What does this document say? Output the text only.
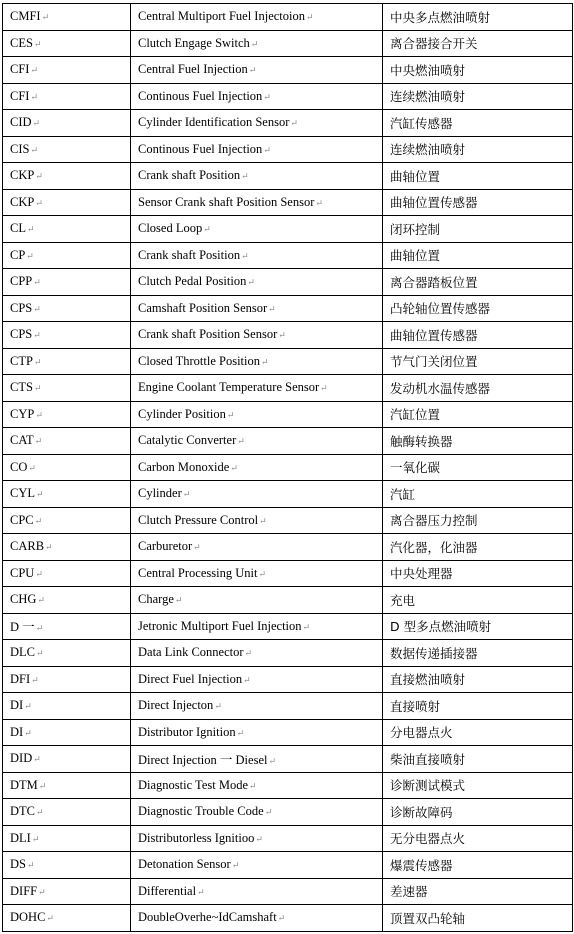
CMFI↵	Central Multiport Fuel Injectoion↵	中央多点燃油喷射
CES↵	Clutch Engage Switch↵	离合器接合开关
CFI↵	Central Fuel Injection↵	中央燃油喷射
CFI↵	Continous Fuel Injection↵	连续燃油喷射
CID↵	Cylinder Identification Sensor↵	汽缸传感器
CIS↵	Continous Fuel Injection↵	连续燃油喷射
CKP↵	Crank shaft Position↵	曲轴位置
CKP↵	Sensor Crank shaft Position Sensor↵	曲轴位置传感器
CL↵	Closed Loop↵	闭环控制
CP↵	Crank shaft Position↵	曲轴位置
CPP↵	Clutch Pedal Position↵	离合器踏板位置
CPS↵	Camshaft Position Sensor↵	凸轮轴位置传感器
CPS↵	Crank shaft Position Sensor↵	曲轴位置传感器
CTP↵	Closed Throttle Position↵	节气门关闭位置
CTS↵	Engine Coolant Temperature Sensor↵	发动机水温传感器
CYP↵	Cylinder Position↵	汽缸位置
CAT↵	Catalytic Converter↵	触酶转换器
CO↵	Carbon Monoxide↵	一氧化碳
CYL↵	Cylinder↵	汽缸
CPC↵	Clutch Pressure Control↵	离合器压力控制
CARB↵	Carburetor↵	汽化器，化油器
CPU↵	Central Processing Unit↵	中央处理器
CHG↵	Charge↵	充电
D 一↵	Jetronic Multiport Fuel Injection↵	D 型多点燃油喷射
DLC↵	Data Link Connector↵	数据传递插接器
DFI↵	Direct Fuel Injection↵	直接燃油喷射
DI↵	Direct Injecton↵	直接喷射
DI↵	Distributor Ignition↵	分电器点火
DID↵	Direct Injection 一 Diesel↵	柴油直接喷射
DTM↵	Diagnostic Test Mode↵	诊断测试模式
DTC↵	Diagnostic Trouble Code↵	诊断故障码
DLI↵	Distributorless Ignitioo↵	无分电器点火
DS↵	Detonation Sensor↵	爆震传感器
DIFF↵	Differential↵	差速器
DOHC↵	DoubleOverhe~IdCamshaft↵	顶置双凸轮轴
